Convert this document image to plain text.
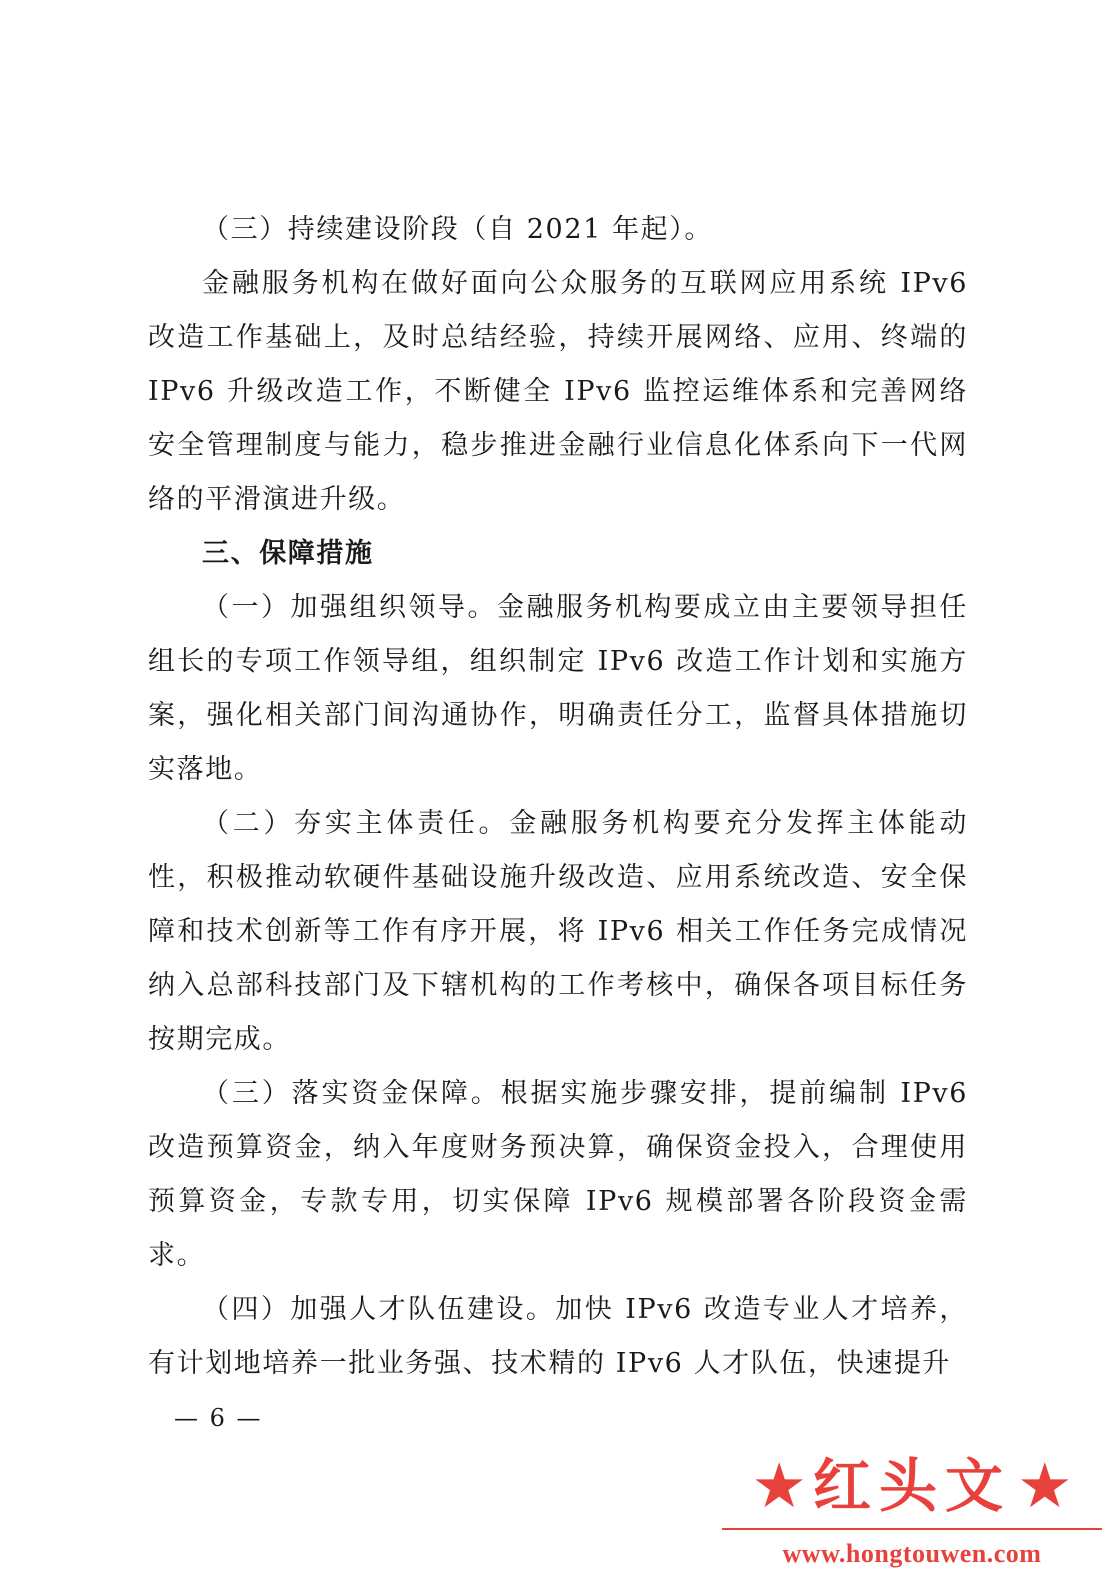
（三）持续建设阶段（自 2021 年起）。

金融服务机构在做好面向公众服务的互联网应用系统 IPv6 改造工作基础上，及时总结经验，持续开展网络、应用、终端的 IPv6 升级改造工作，不断健全 IPv6 监控运维体系和完善网络安全管理制度与能力，稳步推进金融行业信息化体系向下一代网络的平滑演进升级。

三、保障措施

（一）加强组织领导。金融服务机构要成立由主要领导担任组长的专项工作领导组，组织制定 IPv6 改造工作计划和实施方案，强化相关部门间沟通协作，明确责任分工，监督具体措施切实落地。

（二）夯实主体责任。金融服务机构要充分发挥主体能动性，积极推动软硬件基础设施升级改造、应用系统改造、安全保障和技术创新等工作有序开展，将 IPv6 相关工作任务完成情况纳入总部科技部门及下辖机构的工作考核中，确保各项目标任务按期完成。

（三）落实资金保障。根据实施步骤安排，提前编制 IPv6 改造预算资金，纳入年度财务预决算，确保资金投入，合理使用预算资金，专款专用，切实保障 IPv6 规模部署各阶段资金需求。

（四）加强人才队伍建设。加快 IPv6 改造专业人才培养，有计划地培养一批业务强、技术精的 IPv6 人才队伍，快速提升

— 6 —
★ 红头文 ★
www.hongtouwen.com
